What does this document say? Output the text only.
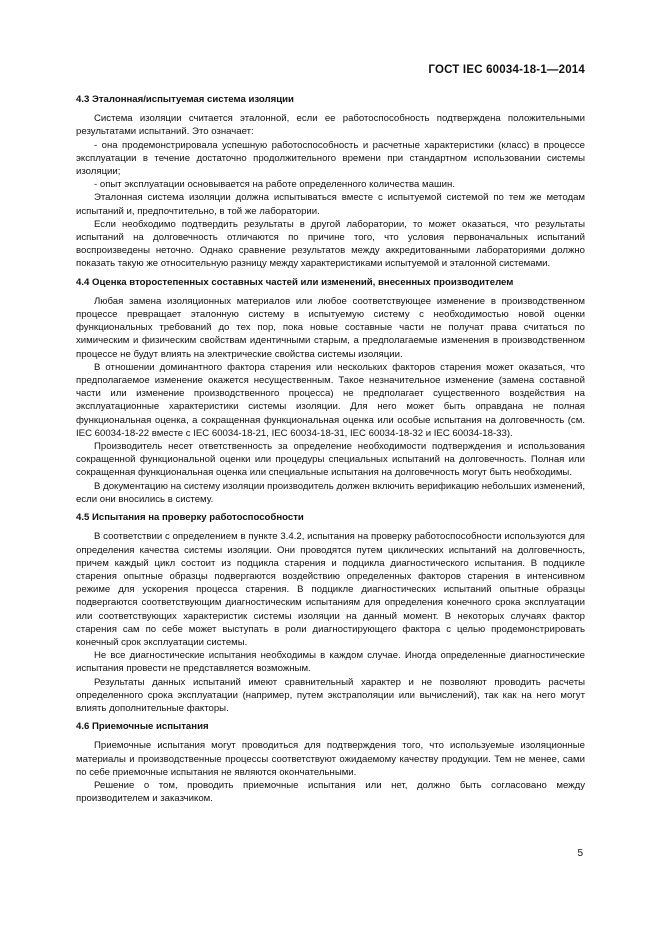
ГОСТ IEC 60034-18-1—2014
4.3 Эталонная/испытуемая система изоляции

Система изоляции считается эталонной, если ее работоспособность подтверждена положительными результатами испытаний. Это означает:

- она продемонстрировала успешную работоспособность и расчетные характеристики (класс) в процессе эксплуатации в течение достаточно продолжительного времени при стандартном использовании системы изоляции;

- опыт эксплуатации основывается на работе определенного количества машин.

Эталонная система изоляции должна испытываться вместе с испытуемой системой по тем же методам испытаний и, предпочтительно, в той же лаборатории.

Если необходимо подтвердить результаты в другой лаборатории, то может оказаться, что результаты испытаний на долговечность отличаются по причине того, что условия первоначальных испытаний воспроизведены неточно. Однако сравнение результатов между аккредитованными лабораториями должно показать такую же относительную разницу между характеристиками испытуемой и эталонной системами.

4.4 Оценка второстепенных составных частей или изменений, внесенных производителем

Любая замена изоляционных материалов или любое соответствующее изменение в производственном процессе превращает эталонную систему в испытуемую систему с необходимостью новой оценки функциональных требований до тех пор, пока новые составные части не получат права считаться по химическим и физическим свойствам идентичными старым, а предполагаемые изменения в производственном процессе не будут влиять на электрические свойства системы изоляции.

В отношении доминантного фактора старения или нескольких факторов старения может оказаться, что предполагаемое изменение окажется несущественным. Такое незначительное изменение (замена составной части или изменение производственного процесса) не предполагает существенного воздействия на эксплуатационные характеристики системы изоляции. Для него может быть оправдана не полная функциональная оценка, а сокращенная функциональная оценка или особые испытания на долговечность (см. IEC 60034-18-22 вместе с IEC 60034-18-21, IEC 60034-18-31, IEC 60034-18-32 и IEC 60034-18-33).

Производитель несет ответственность за определение необходимости подтверждения и использования сокращенной функциональной оценки или процедуры специальных испытаний на долговечность. Полная или сокращенная функциональная оценка или специальные испытания на долговечность могут быть необходимы.

В документацию на систему изоляции производитель должен включить верификацию небольших изменений, если они вносились в систему.

4.5 Испытания на проверку работоспособности

В соответствии с определением в пункте 3.4.2, испытания на проверку работоспособности используются для определения качества системы изоляции. Они проводятся путем циклических испытаний на долговечность, причем каждый цикл состоит из подцикла старения и подцикла диагностического испытания. В подцикле старения опытные образцы подвергаются воздействию определенных факторов старения в интенсивном режиме для ускорения процесса старения. В подцикле диагностических испытаний опытные образцы подвергаются соответствующим диагностическим испытаниям для определения конечного срока эксплуатации или соответствующих характеристик системы изоляции на данный момент. В некоторых случаях фактор старения сам по себе может выступать в роли диагностирующего фактора с целью продемонстрировать конечный срок эксплуатации системы.

Не все диагностические испытания необходимы в каждом случае. Иногда определенные диагностические испытания провести не представляется возможным.

Результаты данных испытаний имеют сравнительный характер и не позволяют проводить расчеты определенного срока эксплуатации (например, путем экстраполяции или вычислений), так как на него могут влиять дополнительные факторы.

4.6 Приемочные испытания

Приемочные испытания могут проводиться для подтверждения того, что используемые изоляционные материалы и производственные процессы соответствуют ожидаемому качеству продукции. Тем не менее, сами по себе приемочные испытания не являются окончательными.

Решение о том, проводить приемочные испытания или нет, должно быть согласовано между производителем и заказчиком.

5
